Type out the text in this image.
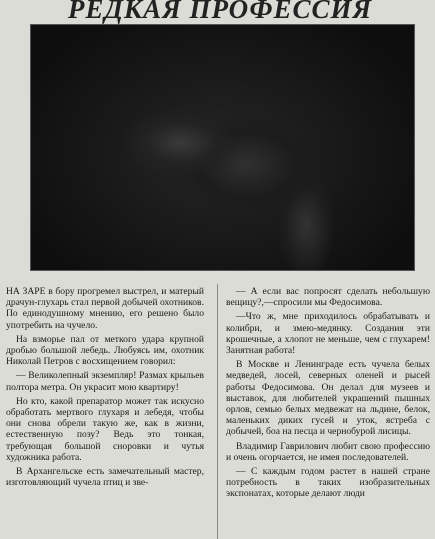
РЕДКАЯ ПРОФЕССИЯ

НА ЗАРЕ в бору прогремел выстрел, и матерый драчун-глухарь стал первой добычей охотников. По единодушному мнению, его решено было употребить на чучело.

На взморье пал от меткого удара крупной дробью большой лебедь. Любуясь им, охотник Николай Петров с восхищением говорил:

— Великолепный экземпляр! Размах крыльев полтора метра. Он украсит мою квартиру!

Но кто, какой препаратор может так искусно обработать мертвого глухаря и лебедя, чтобы они снова обрели такую же, как в жизни, естественную позу? Ведь это тонкая, требующая большой сноровки и чутья художника работа.

В Архангельске есть замечательный мастер, изготовляющий чучела птиц и зве-

— А если вас попросят сделать небольшую вещицу?,—спросили мы Федосимова.

—Что ж, мне приходилось обрабатывать и колибри, и змею-медянку. Создания эти крошечные, а хлопот не меньше, чем с глухарем! Занятная работа!

В Москве и Ленинграде есть чучела белых медведей, лосей, северных оленей и рысей работы Федосимова. Он делал для музеев и выставок, для любителей украшений пышных орлов, семью белых медвежат на льдине, белок, маленьких диких гусей и уток, ястреба с добычей, боа на песца и чернобурой лисицы.

Владимир Гаврилович любит свою профессию и очень огорчается, не имея последователей.

— С каждым годом растет в нашей стране потребность в таких изобразительных экспонатах, которые делают люди
